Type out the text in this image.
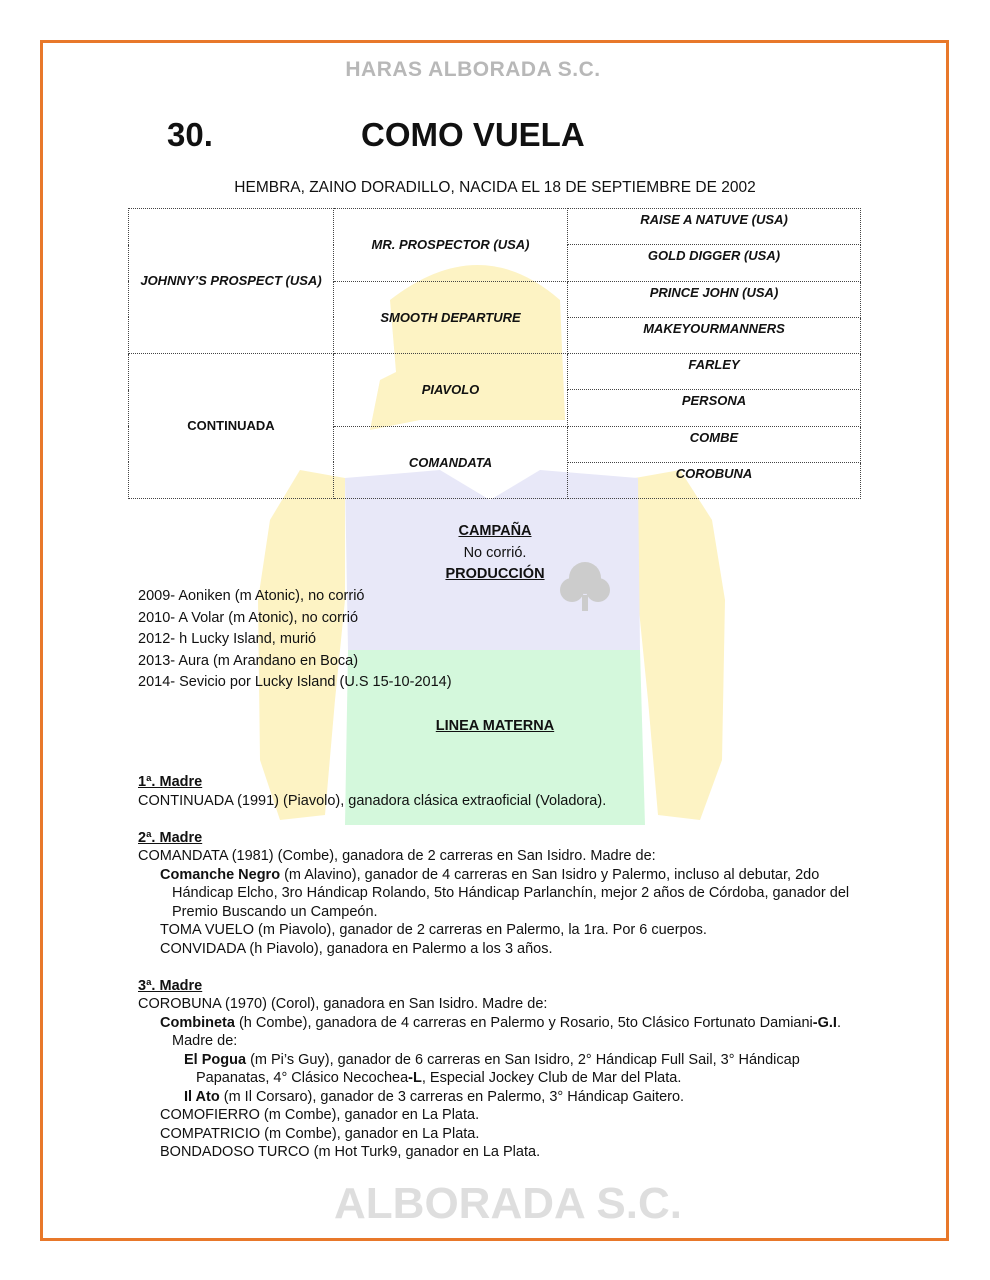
ALBORADA S.C.
HARAS ALBORADA S.C.
30.	COMO VUELA
HEMBRA, ZAINO DORADILLO, NACIDA EL 18 DE SEPTIEMBRE DE 2002
JOHNNY’S PROSPECT (USA)	MR. PROSPECTOR (USA)	RAISE A NATUVE (USA)
		GOLD DIGGER (USA)
	SMOOTH DEPARTURE	PRINCE JOHN (USA)
		MAKEYOURMANNERS
CONTINUADA	PIAVOLO	FARLEY
		PERSONA
	COMANDATA	COMBE
		COROBUNA
CAMPAÑA
No corrió.
PRODUCCIÓN
2009- Aoniken (m Atonic), no corrió
2010- A Volar (m Atonic), no corrió
2012- h Lucky Island, murió
2013- Aura (m Arandano en Boca)
2014- Sevicio por Lucky Island (U.S 15-10-2014)
LINEA MATERNA
1ª. Madre
CONTINUADA (1991) (Piavolo), ganadora clásica extraoficial (Voladora).
2ª. Madre
COMANDATA (1981) (Combe), ganadora de 2 carreras en San Isidro. Madre de:
Comanche Negro (m Alavino), ganador de 4 carreras en San Isidro y Palermo, incluso al debutar, 2do Hándicap Elcho, 3ro Hándicap Rolando, 5to Hándicap Parlanchín, mejor 2 años de Córdoba, ganador del Premio Buscando un Campeón.
TOMA VUELO (m Piavolo), ganador de 2 carreras en Palermo, la 1ra. Por 6 cuerpos.
CONVIDADA (h Piavolo), ganadora en Palermo a los 3 años.
3ª. Madre
COROBUNA (1970) (Corol), ganadora en San Isidro. Madre de:
Combineta (h Combe), ganadora de 4 carreras en Palermo y Rosario, 5to Clásico Fortunato Damiani-G.I. Madre de:
El Pogua (m Pi’s Guy), ganador de 6 carreras en San Isidro, 2° Hándicap Full Sail, 3° Hándicap Papanatas, 4° Clásico Necochea-L, Especial Jockey Club de Mar del Plata.
Il Ato (m Il Corsaro), ganador de 3 carreras en Palermo, 3° Hándicap Gaitero.
COMOFIERRO (m Combe), ganador en La Plata.
COMPATRICIO (m Combe), ganador en La Plata.
BONDADOSO TURCO (m Hot Turk9, ganador en La Plata.
